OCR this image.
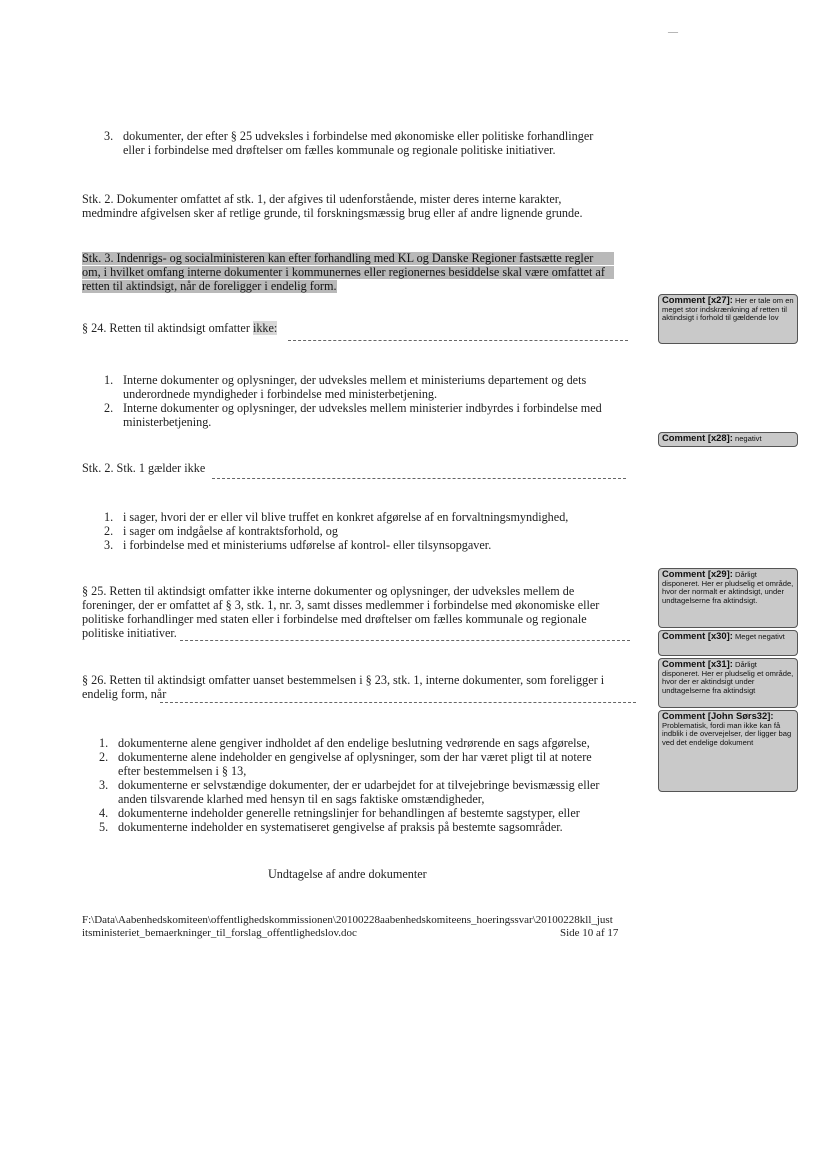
—
3. dokumenter, der efter § 25 udveksles i forbindelse med økonomiske eller politiske forhandlinger
eller i forbindelse med drøftelser om fælles kommunale og regionale politiske initiativer.
Stk. 2. Dokumenter omfattet af stk. 1, der afgives til udenforstående, mister deres interne karakter,
medmindre afgivelsen sker af retlige grunde, til forskningsmæssig brug eller af andre lignende grunde.
Stk. 3. Indenrigs- og socialministeren kan efter forhandling med KL og Danske Regioner fastsætte regler
om, i hvilket omfang interne dokumenter i kommunernes eller regionernes besiddelse skal være omfattet af
retten til aktindsigt, når de foreligger i endelig form.
§ 24. Retten til aktindsigt omfatter ikke:
1. Interne dokumenter og oplysninger, der udveksles mellem et ministeriums departement og dets
underordnede myndigheder i forbindelse med ministerbetjening.
2. Interne dokumenter og oplysninger, der udveksles mellem ministerier indbyrdes i forbindelse med
ministerbetjening.
Stk. 2. Stk. 1 gælder ikke
1. i sager, hvori der er eller vil blive truffet en konkret afgørelse af en forvaltningsmyndighed,
2. i sager om indgåelse af kontraktsforhold, og
3. i forbindelse med et ministeriums udførelse af kontrol- eller tilsynsopgaver.
§ 25. Retten til aktindsigt omfatter ikke interne dokumenter og oplysninger, der udveksles mellem de
foreninger, der er omfattet af § 3, stk. 1, nr. 3, samt disses medlemmer i forbindelse med økonomiske eller
politiske forhandlinger med staten eller i forbindelse med drøftelser om fælles kommunale og regionale
politiske initiativer.
§ 26. Retten til aktindsigt omfatter uanset bestemmelsen i § 23, stk. 1, interne dokumenter, som foreligger i
endelig form, når
1. dokumenterne alene gengiver indholdet af den endelige beslutning vedrørende en sags afgørelse,
2. dokumenterne alene indeholder en gengivelse af oplysninger, som der har været pligt til at notere
efter bestemmelsen i § 13,
3. dokumenterne er selvstændige dokumenter, der er udarbejdet for at tilvejebringe bevismæssig eller
anden tilsvarende klarhed med hensyn til en sags faktiske omstændigheder,
4. dokumenterne indeholder generelle retningslinjer for behandlingen af bestemte sagstyper, eller
5. dokumenterne indeholder en systematiseret gengivelse af praksis på bestemte sagsområder.
Undtagelse af andre dokumenter
F:\Data\Aabenhedskomiteen\offentlighedskommissionen\20100228aabenhedskomiteens_hoeringssvar\20100228kll_just
itsministeriet_bemaerkninger_til_forslag_offentlighedslov.doc	Side 10 af 17
Comment [x27]: Her er tale om en meget stor indskrænkning af retten til aktindsigt i forhold til gældende lov
Comment [x28]: negativt
Comment [x29]: Dårligt disponeret. Her er pludselig et område, hvor der normalt er aktindsigt, under undtagelserne fra aktindsigt.
Comment [x30]: Meget negativt
Comment [x31]: Dårligt disponeret. Her er pludselig et område, hvor der er aktindsigt under undtagelserne fra aktindsigt
Comment [John Sørs32]: Problematisk, fordi man ikke kan få indblik i de overvejelser, der ligger bag ved det endelige dokument
